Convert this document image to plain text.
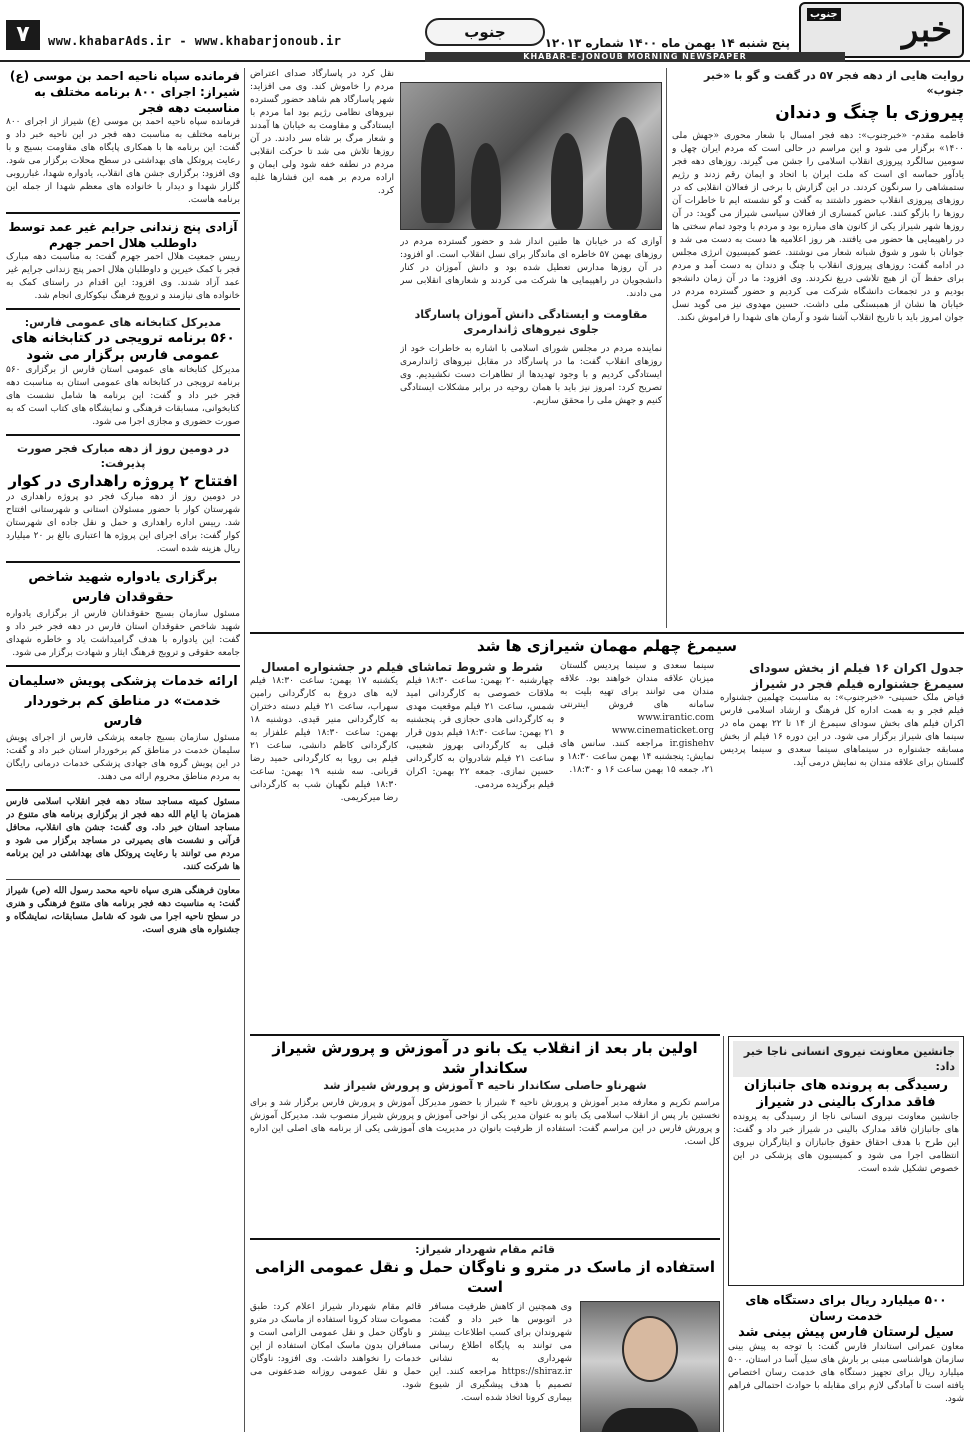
۷	www.khabarAds.ir - www.khabarjonoub.ir	جنوب
پنج شنبه ۱۴ بهمن ماه ۱۴۰۰ شماره ۱۲۰۱۳	خبر
جنوب
KHABAR-E-JONOUB MORNING NEWSPAPER
فرمانده سپاه ناحیه احمد بن موسی (ع) شیراز: اجرای ۸۰۰ برنامه مختلف به مناسبت دهه فجر
فرمانده سپاه ناحیه احمد بن موسی (ع) شیراز از اجرای ۸۰۰ برنامه مختلف به مناسبت دهه فجر در این ناحیه خبر داد و گفت: این برنامه ها با همکاری پایگاه های مقاومت بسیج و با رعایت پروتکل های بهداشتی در سطح محلات برگزار می شود. وی افزود: برگزاری جشن های انقلاب، یادواره شهدا، غبارروبی گلزار شهدا و دیدار با خانواده های معظم شهدا از جمله این برنامه هاست.
آزادی پنج زندانی جرایم غیر عمد توسط داوطلب هلال احمر جهرم
رییس جمعیت هلال احمر جهرم گفت: به مناسبت دهه مبارک فجر با کمک خیرین و داوطلبان هلال احمر پنج زندانی جرایم غیر عمد آزاد شدند. وی افزود: این اقدام در راستای کمک به خانواده های نیازمند و ترویج فرهنگ نیکوکاری انجام شد.
مدیرکل کتابخانه های عمومی فارس:
۵۶۰ برنامه ترویجی در کتابخانه های عمومی فارس برگزار می شود
مدیرکل کتابخانه های عمومی استان فارس از برگزاری ۵۶۰ برنامه ترویجی در کتابخانه های عمومی استان به مناسبت دهه فجر خبر داد و گفت: این برنامه ها شامل نشست های کتابخوانی، مسابقات فرهنگی و نمایشگاه های کتاب است که به صورت حضوری و مجازی اجرا می شود.
در دومین روز از دهه مبارک فجر صورت پذیرفت:
افتتاح ۲ پروژه راهداری در کوار
در دومین روز از دهه مبارک فجر دو پروژه راهداری در شهرستان کوار با حضور مسئولان استانی و شهرستانی افتتاح شد. رییس اداره راهداری و حمل و نقل جاده ای شهرستان کوار گفت: برای اجرای این پروژه ها اعتباری بالغ بر ۲۰ میلیارد ریال هزینه شده است.
برگزاری یادواره شهید شاخص حقوقدان فارس
مسئول سازمان بسیج حقوقدانان فارس از برگزاری یادواره شهید شاخص حقوقدان استان فارس در دهه فجر خبر داد و گفت: این یادواره با هدف گرامیداشت یاد و خاطره شهدای جامعه حقوقی و ترویج فرهنگ ایثار و شهادت برگزار می شود.
ارائه خدمات پزشکی پویش «سلیمان خدمت» در مناطق کم برخوردار فارس
مسئول سازمان بسیج جامعه پزشکی فارس از اجرای پویش سلیمان خدمت در مناطق کم برخوردار استان خبر داد و گفت: در این پویش گروه های جهادی پزشکی خدمات درمانی رایگان به مردم مناطق محروم ارائه می دهند.
مسئول کمیته مساجد ستاد دهه فجر انقلاب اسلامی فارس همزمان با ایام الله دهه فجر از برگزاری برنامه های متنوع در مساجد استان خبر داد. وی گفت: جشن های انقلاب، محافل قرآنی و نشست های بصیرتی در مساجد برگزار می شود و مردم می توانند با رعایت پروتکل های بهداشتی در این برنامه ها شرکت کنند.
معاون فرهنگی هنری سپاه ناحیه محمد رسول الله (ص) شیراز گفت: به مناسبت دهه فجر برنامه های متنوع فرهنگی و هنری در سطح ناحیه اجرا می شود که شامل مسابقات، نمایشگاه و جشنواره های هنری است.
روایت هایی از دهه فجر ۵۷ در گفت و گو با «خبر جنوب»
پیروزی با چنگ و دندان
فاطمه مقدم- «خبرجنوب»: دهه فجر امسال با شعار محوری «جهش ملی ۱۴۰۰» برگزار می شود و این مراسم در حالی است که مردم ایران چهل و سومین سالگرد پیروزی انقلاب اسلامی را جشن می گیرند. روزهای دهه فجر یادآور حماسه ای است که ملت ایران با اتحاد و ایمان رقم زدند و رژیم ستمشاهی را سرنگون کردند. در این گزارش با برخی از فعالان انقلابی که در روزهای پیروزی انقلاب حضور داشتند به گفت و گو نشسته ایم تا خاطرات آن روزها را بازگو کنند. عباس کمساری از فعالان سیاسی شیراز می گوید: در آن روزها شهر شیراز یکی از کانون های مبارزه بود و مردم با وجود تمام سختی ها در راهپیمایی ها حضور می یافتند. هر روز اعلامیه ها دست به دست می شد و جوانان با شور و شوق شبانه شعار می نوشتند. عضو کمیسیون انرژی مجلس در ادامه گفت: روزهای پیروزی انقلاب با چنگ و دندان به دست آمد و مردم برای حفظ آن از هیچ تلاشی دریغ نکردند. وی افزود: ما در آن زمان دانشجو بودیم و در تجمعات دانشگاه شرکت می کردیم و حضور گسترده مردم در خیابان ها نشان از همبستگی ملی داشت. حسین مهدوی نیز می گوید نسل جوان امروز باید با تاریخ انقلاب آشنا شود و آرمان های شهدا را فراموش نکند.
آوازی که در خیابان ها طنین انداز شد و حضور گسترده مردم در روزهای بهمن ۵۷ خاطره ای ماندگار برای نسل انقلاب است. او افزود: در آن روزها مدارس تعطیل شده بود و دانش آموزان در کنار دانشجویان در راهپیمایی ها شرکت می کردند و شعارهای انقلابی سر می دادند.
مقاومت و ایستادگی دانش آموزان پاسارگاد جلوی نیروهای ژاندارمری
نماینده مردم در مجلس شورای اسلامی با اشاره به خاطرات خود از روزهای انقلاب گفت: ما در پاسارگاد در مقابل نیروهای ژاندارمری ایستادگی کردیم و با وجود تهدیدها از تظاهرات دست نکشیدیم. وی تصریح کرد: امروز نیز باید با همان روحیه در برابر مشکلات ایستادگی کنیم و جهش ملی را محقق سازیم.
نقل کرد در پاسارگاد صدای اعتراض مردم را خاموش کند. وی می افزاید: شهر پاسارگاد هم شاهد حضور گسترده نیروهای نظامی رژیم بود اما مردم با ایستادگی و مقاومت به خیابان ها آمدند و شعار مرگ بر شاه سر دادند. در آن روزها تلاش می شد تا حرکت انقلابی مردم در نطفه خفه شود ولی ایمان و اراده مردم بر همه این فشارها غلبه کرد.
سیمرغ چهلم مهمان شیرازی ها شد
جدول اکران ۱۶ فیلم از بخش سودای سیمرغ جشنواره فیلم فجر در شیراز
فیاض ملک حسینی- «خبرجنوب»: به مناسبت چهلمین جشنواره فیلم فجر و به همت اداره کل فرهنگ و ارشاد اسلامی فارس اکران فیلم های بخش سودای سیمرغ از ۱۴ تا ۲۲ بهمن ماه در سینما های شیراز برگزار می شود. در این دوره ۱۶ فیلم از بخش مسابقه جشنواره در سینماهای سینما سعدی و سینما پردیس گلستان برای علاقه مندان به نمایش درمی آید.
سینما سعدی و سینما پردیس گلستان میزبان علاقه مندان خواهند بود. علاقه مندان می توانند برای تهیه بلیت به سامانه های فروش اینترنتی www.irantic.com و www.cinematicket.org و ir.gishehv مراجعه کنند. سانس های نمایش: پنجشنبه ۱۴ بهمن ساعت ۱۸:۳۰ و ۲۱، جمعه ۱۵ بهمن ساعت ۱۶ و ۱۸:۳۰.
شرط و شروط تماشای فیلم در جشنواره امسال
یکشنبه ۱۷ بهمن: ساعت ۱۸:۳۰ فیلم لایه های دروغ به کارگردانی رامین سهراب، ساعت ۲۱ فیلم دسته دختران به کارگردانی منیر قیدی. دوشنبه ۱۸ بهمن: ساعت ۱۸:۳۰ فیلم علفزار به کارگردانی کاظم دانشی، ساعت ۲۱ فیلم بی رویا به کارگردانی حمید رضا قربانی. سه شنبه ۱۹ بهمن: ساعت ۱۸:۳۰ فیلم نگهبان شب به کارگردانی رضا میرکریمی.
چهارشنبه ۲۰ بهمن: ساعت ۱۸:۳۰ فیلم ملاقات خصوصی به کارگردانی امید شمس، ساعت ۲۱ فیلم موقعیت مهدی به کارگردانی هادی حجازی فر. پنجشنبه ۲۱ بهمن: ساعت ۱۸:۳۰ فیلم بدون قرار قبلی به کارگردانی بهروز شعیبی، ساعت ۲۱ فیلم شادروان به کارگردانی حسین نمازی. جمعه ۲۲ بهمن: اکران فیلم برگزیده مردمی.
اولین بار بعد از انقلاب یک بانو در آموزش و پرورش شیراز سکاندار شد
شهرناو حاصلی سکاندار ناحیه ۴ آموزش و پرورش شیراز شد
مراسم تکریم و معارفه مدیر آموزش و پرورش ناحیه ۴ شیراز با حضور مدیرکل آموزش و پرورش فارس برگزار شد و برای نخستین بار پس از انقلاب اسلامی یک بانو به عنوان مدیر یکی از نواحی آموزش و پرورش شیراز منصوب شد. مدیرکل آموزش و پرورش فارس در این مراسم گفت: استفاده از ظرفیت بانوان در مدیریت های آموزشی یکی از برنامه های اصلی این اداره کل است.
جانشین معاونت نیروی انسانی ناجا خبر داد:
رسیدگی به پرونده های جانبازان فاقد مدارک بالینی در شیراز
جانشین معاونت نیروی انسانی ناجا از رسیدگی به پرونده های جانبازان فاقد مدارک بالینی در شیراز خبر داد و گفت: این طرح با هدف احقاق حقوق جانبازان و ایثارگران نیروی انتظامی اجرا می شود و کمیسیون های پزشکی در این خصوص تشکیل شده است.
۵۰۰ میلیارد ریال برای دستگاه های خدمت رسان
سیل لرستان فارس پیش بینی شد
معاون عمرانی استاندار فارس گفت: با توجه به پیش بینی سازمان هواشناسی مبنی بر بارش های سیل آسا در استان، ۵۰۰ میلیارد ریال برای تجهیز دستگاه های خدمت رسان اختصاص یافته است تا آمادگی لازم برای مقابله با حوادث احتمالی فراهم شود.
قائم مقام شهردار شیراز:
استفاده از ماسک در مترو و ناوگان حمل و نقل عمومی الزامی است
قائم مقام شهردار شیراز اعلام کرد: طبق مصوبات ستاد کرونا استفاده از ماسک در مترو و ناوگان حمل و نقل عمومی الزامی است و مسافران بدون ماسک امکان استفاده از این خدمات را نخواهند داشت. وی افزود: ناوگان حمل و نقل عمومی روزانه ضدعفونی می شود.
وی همچنین از کاهش ظرفیت مسافر در اتوبوس ها خبر داد و گفت: شهروندان برای کسب اطلاعات بیشتر می توانند به پایگاه اطلاع رسانی شهرداری به نشانی https://shiraz.ir مراجعه کنند. این تصمیم با هدف پیشگیری از شیوع بیماری کرونا اتخاذ شده است.
